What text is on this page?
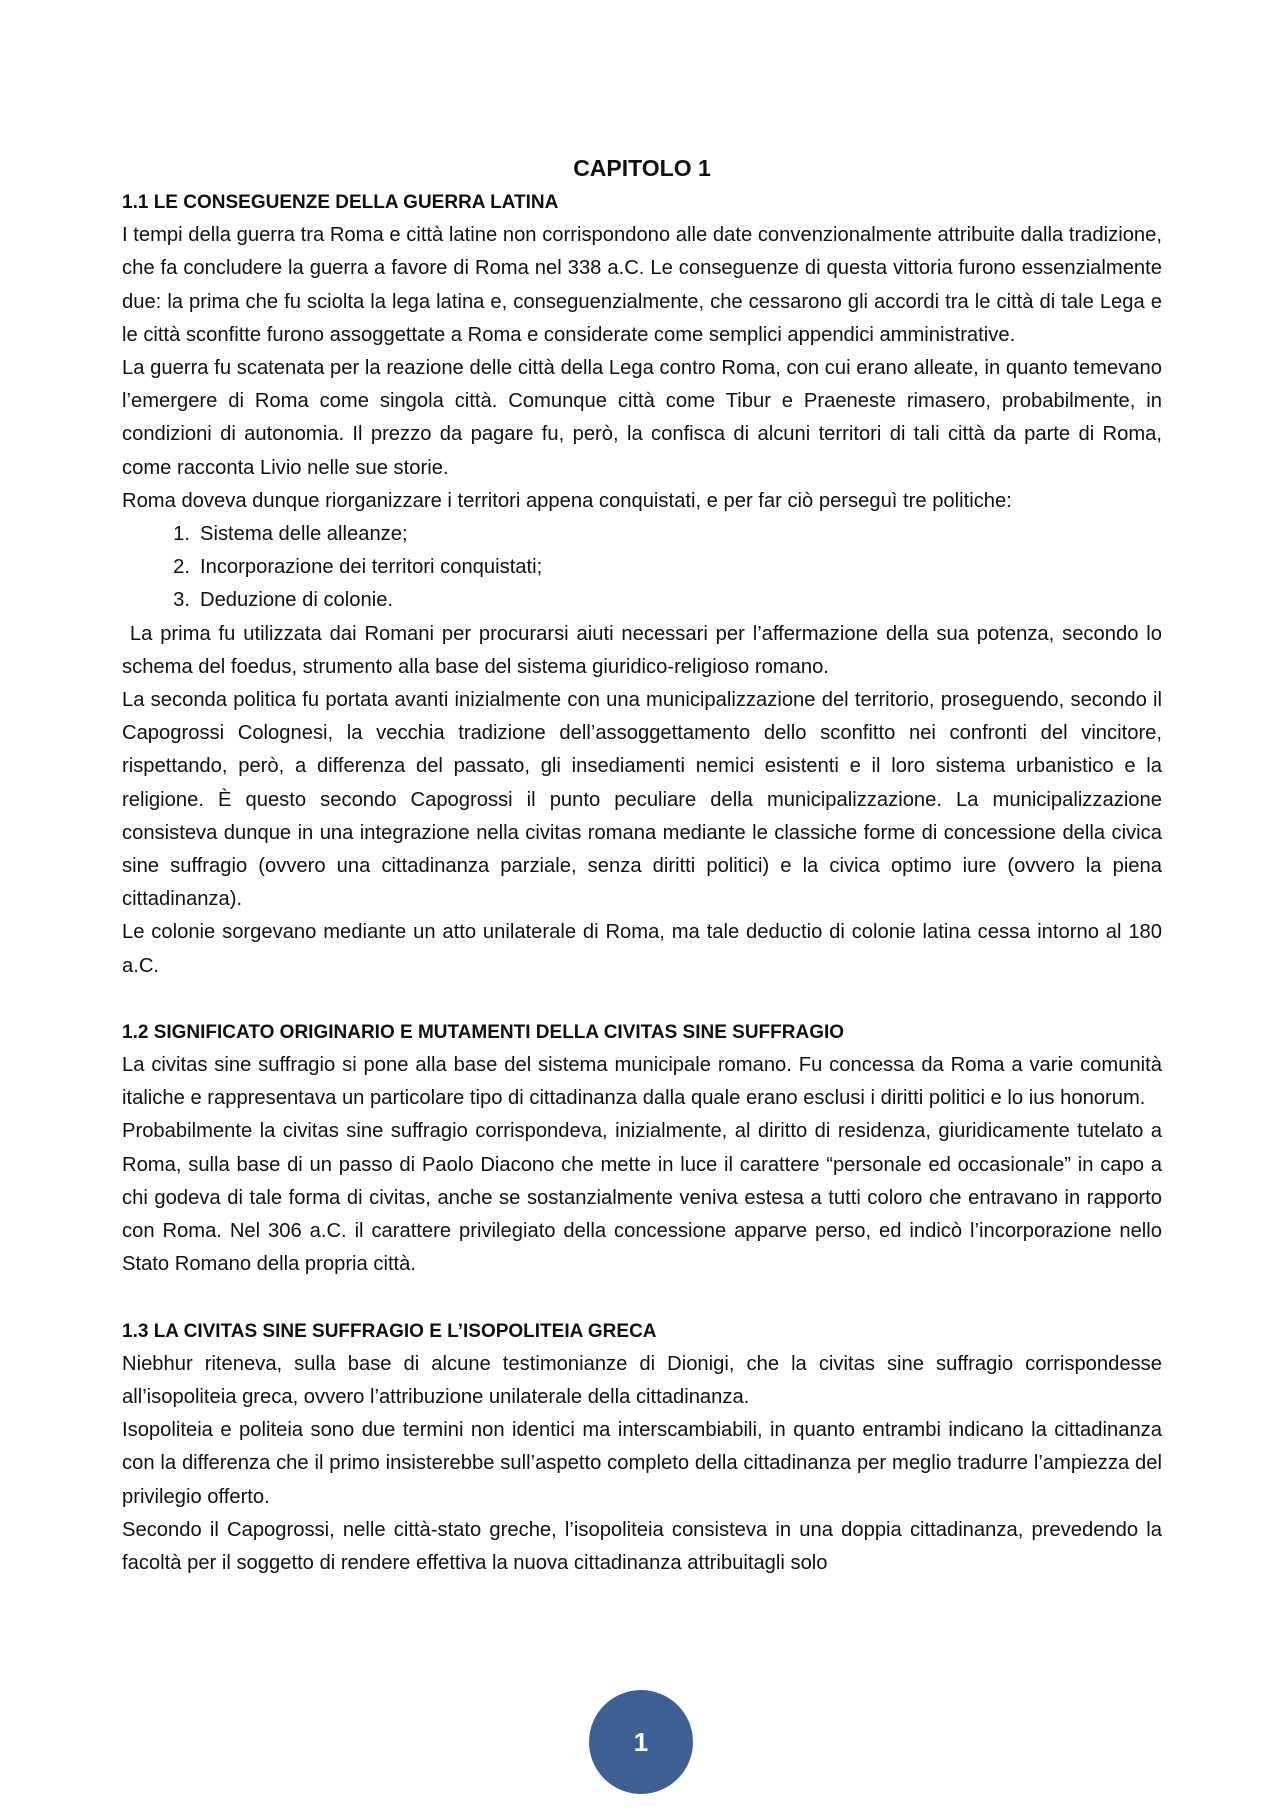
CAPITOLO 1
1.1 LE CONSEGUENZE DELLA GUERRA LATINA

I tempi della guerra tra Roma e città latine non corrispondono alle date convenzionalmente attribuite dalla tradizione, che fa concludere la guerra a favore di Roma nel 338 a.C. Le conseguenze di questa vittoria furono essenzialmente due: la prima che fu sciolta la lega latina e, conseguenzialmente, che cessarono gli accordi tra le città di tale Lega e le città sconfitte furono assoggettate a Roma e considerate come semplici appendici amministrative.

La guerra fu scatenata per la reazione delle città della Lega contro Roma, con cui erano alleate, in quanto temevano l’emergere di Roma come singola città. Comunque città come Tibur e Praeneste rimasero, probabilmente, in condizioni di autonomia. Il prezzo da pagare fu, però, la confisca di alcuni territori di tali città da parte di Roma, come racconta Livio nelle sue storie.

Roma doveva dunque riorganizzare i territori appena conquistati, e per far ciò perseguì tre politiche:

1. Sistema delle alleanze;
2. Incorporazione dei territori conquistati;
3. Deduzione di colonie.

La prima fu utilizzata dai Romani per procurarsi aiuti necessari per l’affermazione della sua potenza, secondo lo schema del foedus, strumento alla base del sistema giuridico-religioso romano.

La seconda politica fu portata avanti inizialmente con una municipalizzazione del territorio, proseguendo, secondo il Capogrossi Colognesi, la vecchia tradizione dell’assoggettamento dello sconfitto nei confronti del vincitore, rispettando, però, a differenza del passato, gli insediamenti nemici esistenti e il loro sistema urbanistico e la religione. È questo secondo Capogrossi il punto peculiare della municipalizzazione. La municipalizzazione consisteva dunque in una integrazione nella civitas romana mediante le classiche forme di concessione della civica sine suffragio (ovvero una cittadinanza parziale, senza diritti politici) e la civica optimo iure (ovvero la piena cittadinanza).

Le colonie sorgevano mediante un atto unilaterale di Roma, ma tale deductio di colonie latina cessa intorno al 180 a.C.

1.2 SIGNIFICATO ORIGINARIO E MUTAMENTI DELLA CIVITAS SINE SUFFRAGIO

La civitas sine suffragio si pone alla base del sistema municipale romano. Fu concessa da Roma a varie comunità italiche e rappresentava un particolare tipo di cittadinanza dalla quale erano esclusi i diritti politici e lo ius honorum.

Probabilmente la civitas sine suffragio corrispondeva, inizialmente, al diritto di residenza, giuridicamente tutelato a Roma, sulla base di un passo di Paolo Diacono che mette in luce il carattere “personale ed occasionale” in capo a chi godeva di tale forma di civitas, anche se sostanzialmente veniva estesa a tutti coloro che entravano in rapporto con Roma. Nel 306 a.C. il carattere privilegiato della concessione apparve perso, ed indicò l’incorporazione nello Stato Romano della propria città.

1.3 LA CIVITAS SINE SUFFRAGIO E L’ISOPOLITEIA GRECA

Niebhur riteneva, sulla base di alcune testimonianze di Dionigi, che la civitas sine suffragio corrispondesse all’isopoliteia greca, ovvero l’attribuzione unilaterale della cittadinanza.

Isopoliteia e politeia sono due termini non identici ma interscambiabili, in quanto entrambi indicano la cittadinanza con la differenza che il primo insisterebbe sull’aspetto completo della cittadinanza per meglio tradurre l’ampiezza del privilegio offerto.

Secondo il Capogrossi, nelle città-stato greche, l’isopoliteia consisteva in una doppia cittadinanza, prevedendo la facoltà per il soggetto di rendere effettiva la nuova cittadinanza attribuitagli solo

1
